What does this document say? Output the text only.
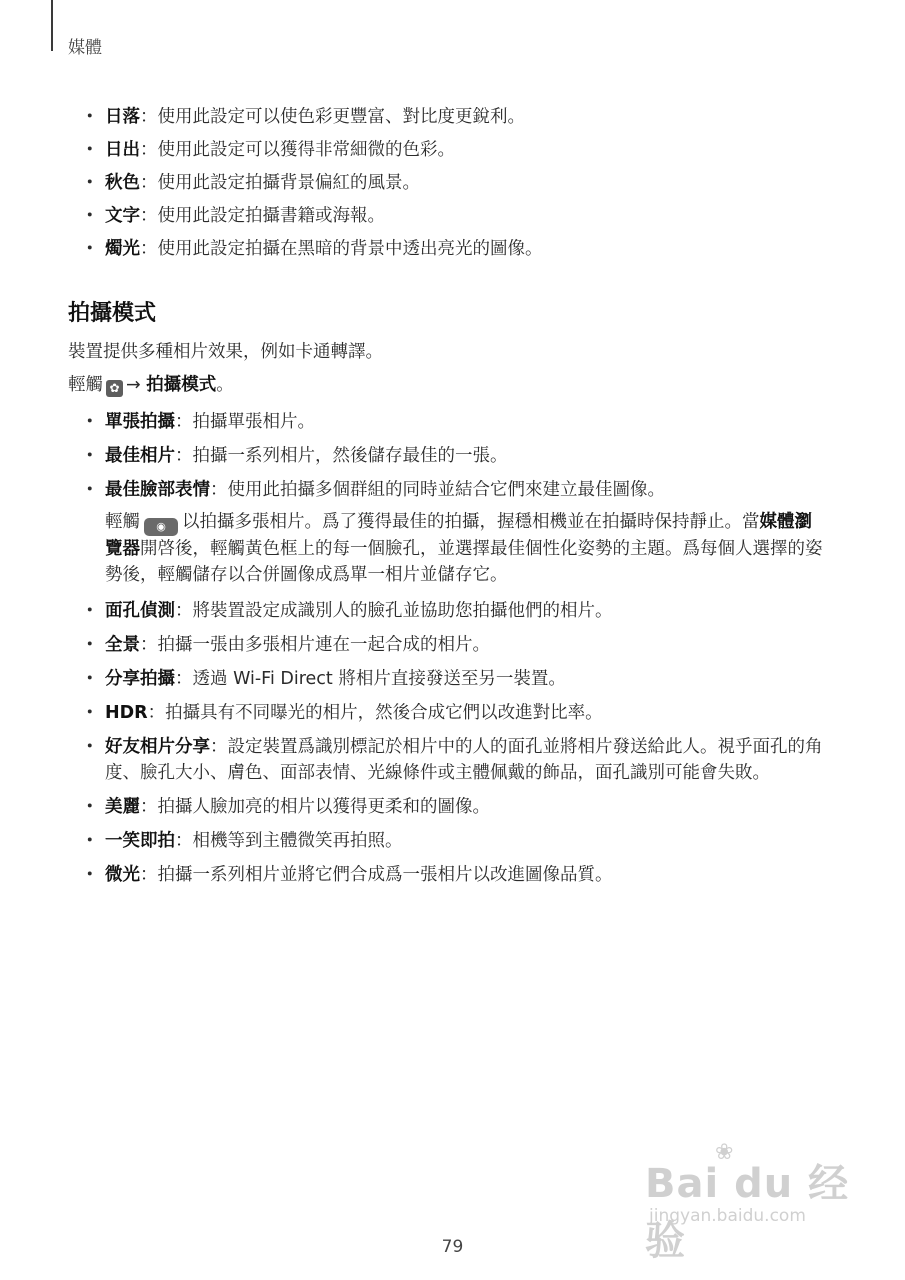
媒體
・ 日落：使用此設定可以使色彩更豐富、對比度更銳利。
・ 日出：使用此設定可以獲得非常細微的色彩。
・ 秋色：使用此設定拍攝背景偏紅的風景。
・ 文字：使用此設定拍攝書籍或海報。
・ 燭光：使用此設定拍攝在黑暗的背景中透出亮光的圖像。
拍攝模式

裝置提供多種相片效果，例如卡通轉譯。

輕觸 ✿ → 拍攝模式。

・ 單張拍攝：拍攝單張相片。
・ 最佳相片：拍攝一系列相片，然後儲存最佳的一張。
・ 最佳臉部表情：使用此拍攝多個群組的同時並結合它們來建立最佳圖像。
輕觸 ◉ 以拍攝多張相片。爲了獲得最佳的拍攝，握穩相機並在拍攝時保持靜止。當媒體瀏覽器開啓後，輕觸黃色框上的每一個臉孔，並選擇最佳個性化姿勢的主題。爲每個人選擇的姿勢後，輕觸儲存以合併圖像成爲單一相片並儲存它。
・ 面孔偵測：將裝置設定成識別人的臉孔並協助您拍攝他們的相片。
・ 全景：拍攝一張由多張相片連在一起合成的相片。
・ 分享拍攝：透過 Wi-Fi Direct 將相片直接發送至另一裝置。
・ HDR：拍攝具有不同曝光的相片，然後合成它們以改進對比率。
・ 好友相片分享：設定裝置爲識別標記於相片中的人的面孔並將相片發送給此人。視乎面孔的角度、臉孔大小、膚色、面部表情、光線條件或主體佩戴的飾品，面孔識別可能會失敗。
・ 美麗：拍攝人臉加亮的相片以獲得更柔和的圖像。
・ 一笑即拍：相機等到主體微笑再拍照。
・ 微光：拍攝一系列相片並將它們合成爲一張相片以改進圖像品質。
❀
Bai du 经验
jingyan.baidu.com
79
